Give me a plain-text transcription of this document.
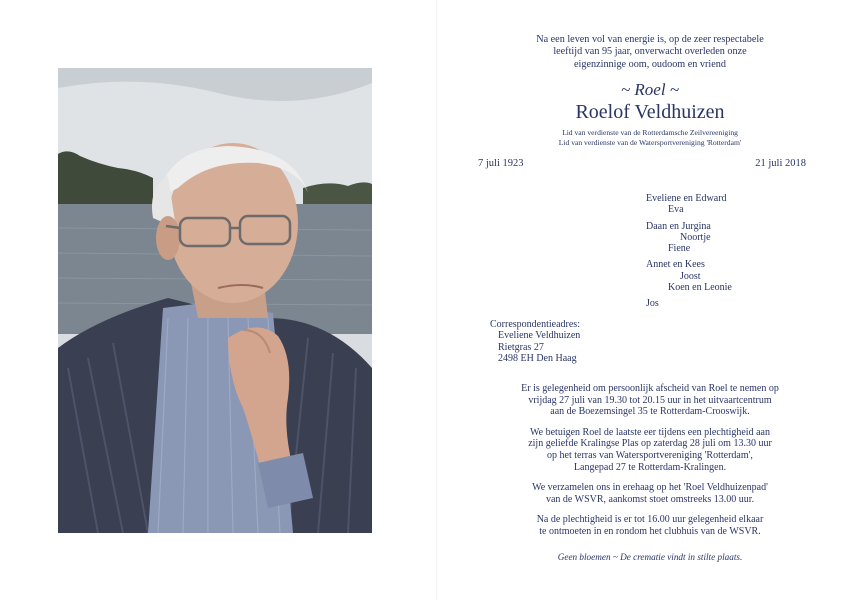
Na een leven vol van energie is, op de zeer respectabele
leeftijd van 95 jaar, onverwacht overleden onze
eigenzinnige oom, oudoom en vriend
~ Roel ~
Roelof Veldhuizen
Lid van verdienste van de Rotterdamsche Zeilvereeniging
Lid van verdienste van de Watersportvereniging 'Rotterdam'
7 juli 1923	21 juli 2018
Eveliene en Edward
Eva
Daan en Jurgina
Noortje
Fiene
Annet en Kees
Joost
Koen en Leonie
Jos
Correspondentieadres:
Eveliene Veldhuizen
Rietgras 27
2498 EH Den Haag

Er is gelegenheid om persoonlijk afscheid van Roel te nemen op
vrijdag 27 juli van 19.30 tot 20.15 uur in het uitvaartcentrum
aan de Boezemsingel 35 te Rotterdam-Crooswijk.

We betuigen Roel de laatste eer tijdens een plechtigheid aan
zijn geliefde Kralingse Plas op zaterdag 28 juli om 13.30 uur
op het terras van Watersportvereniging 'Rotterdam',
Langepad 27 te Rotterdam-Kralingen.

We verzamelen ons in erehaag op het 'Roel Veldhuizenpad'
van de WSVR, aankomst stoet omstreeks 13.00 uur.

Na de plechtigheid is er tot 16.00 uur gelegenheid elkaar
te ontmoeten in en rondom het clubhuis van de WSVR.

Geen bloemen ~ De crematie vindt in stilte plaats.
